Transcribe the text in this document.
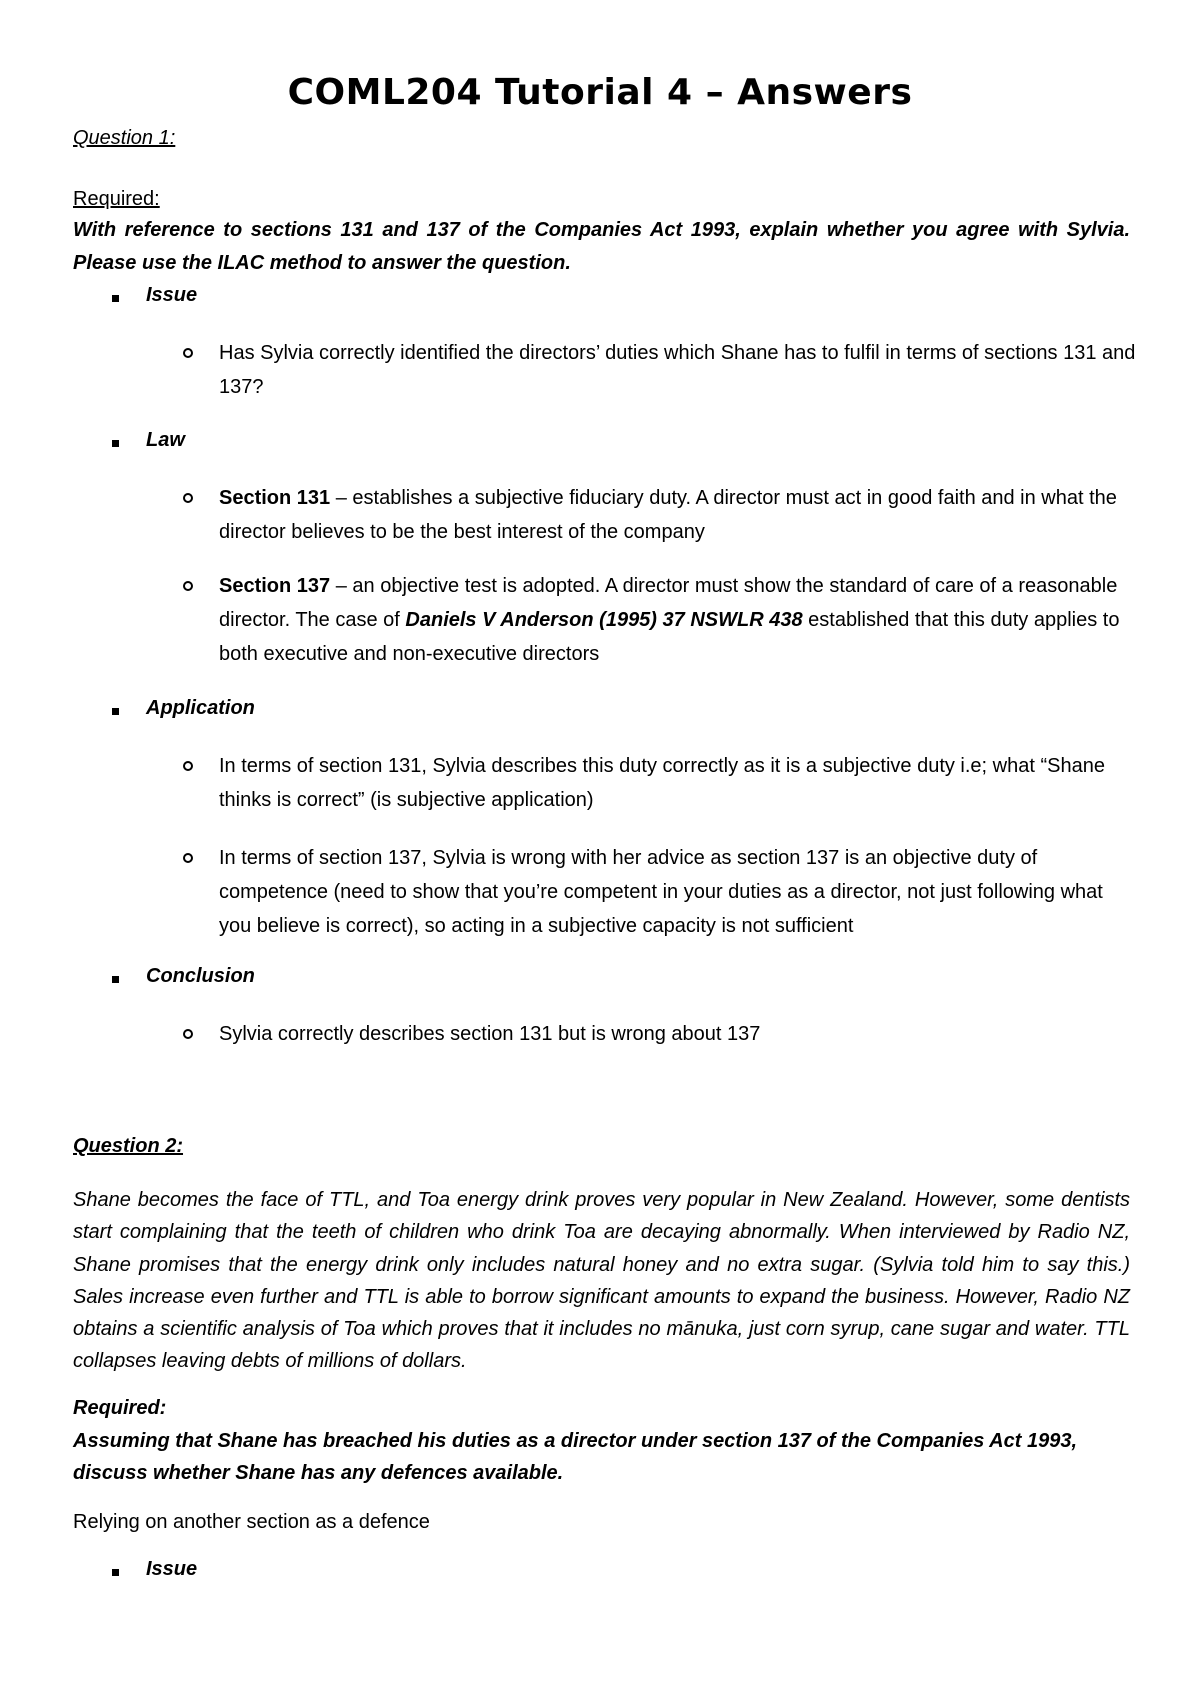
COML204 Tutorial 4 – Answers
Question 1:
Required:
With reference to sections 131 and 137 of the Companies Act 1993, explain whether you agree with Sylvia. Please use the ILAC method to answer the question.
Issue
Has Sylvia correctly identified the directors’ duties which Shane has to fulfil in terms of sections 131 and 137?
Law
Section 131 – establishes a subjective fiduciary duty. A director must act in good faith and in what the director believes to be the best interest of the company
Section 137 – an objective test is adopted. A director must show the standard of care of a reasonable director. The case of Daniels V Anderson (1995) 37 NSWLR 438 established that this duty applies to both executive and non-executive directors
Application
In terms of section 131, Sylvia describes this duty correctly as it is a subjective duty i.e; what “Shane thinks is correct” (is subjective application)
In terms of section 137, Sylvia is wrong with her advice as section 137 is an objective duty of competence (need to show that you’re competent in your duties as a director, not just following what you believe is correct), so acting in a subjective capacity is not sufficient
Conclusion
Sylvia correctly describes section 131 but is wrong about 137
Question 2:
Shane becomes the face of TTL, and Toa energy drink proves very popular in New Zealand. However, some dentists start complaining that the teeth of children who drink Toa are decaying abnormally. When interviewed by Radio NZ, Shane promises that the energy drink only includes natural honey and no extra sugar. (Sylvia told him to say this.) Sales increase even further and TTL is able to borrow significant amounts to expand the business. However, Radio NZ obtains a scientific analysis of Toa which proves that it includes no mānuka, just corn syrup, cane sugar and water. TTL collapses leaving debts of millions of dollars.
Required:
Assuming that Shane has breached his duties as a director under section 137 of the Companies Act 1993, discuss whether Shane has any defences available.
Relying on another section as a defence
Issue
